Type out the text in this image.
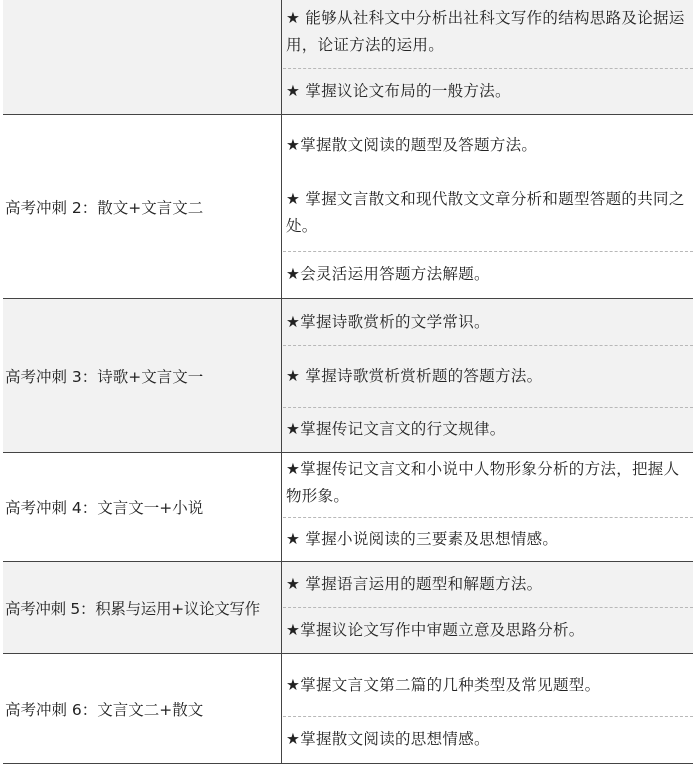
★ 能够从社科文中分析出社科文写作的结构思路及论据运用，论证方法的运用。
★ 掌握议论文布局的一般方法。
高考冲刺 2：散文+文言文二
★掌握散文阅读的题型及答题方法。
★ 掌握文言散文和现代散文文章分析和题型答题的共同之处。
★会灵活运用答题方法解题。
高考冲刺 3：诗歌+文言文一
★掌握诗歌赏析的文学常识。
★ 掌握诗歌赏析赏析题的答题方法。
★掌握传记文言文的行文规律。
高考冲刺 4：文言文一+小说
★掌握传记文言文和小说中人物形象分析的方法，把握人物形象。
★ 掌握小说阅读的三要素及思想情感。
高考冲刺 5：积累与运用+议论文写作
★ 掌握语言运用的题型和解题方法。
★掌握议论文写作中审题立意及思路分析。
高考冲刺 6：文言文二+散文
★掌握文言文第二篇的几种类型及常见题型。
★掌握散文阅读的思想情感。
